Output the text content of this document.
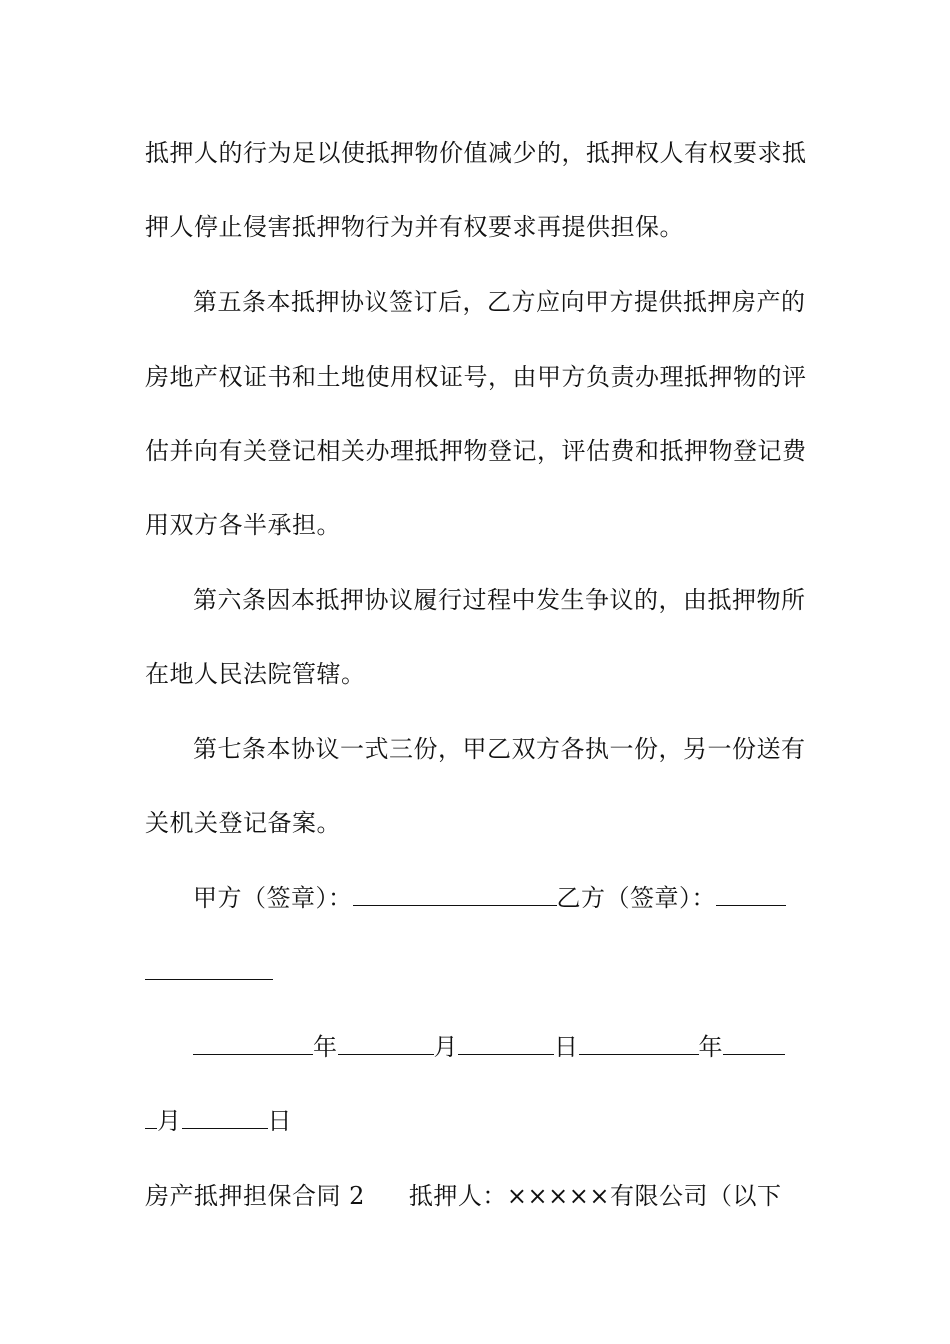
抵押人的行为足以使抵押物价值减少的，抵押权人有权要求抵
押人停止侵害抵押物行为并有权要求再提供担保。
第五条本抵押协议签订后，乙方应向甲方提供抵押房产的
房地产权证书和土地使用权证号，由甲方负责办理抵押物的评
估并向有关登记相关办理抵押物登记，评估费和抵押物登记费
用双方各半承担。
第六条因本抵押协议履行过程中发生争议的，由抵押物所
在地人民法院管辖。
第七条本协议一式三份，甲乙双方各执一份，另一份送有
关机关登记备案。
甲方（签章）：	乙方（签章）：
年	月	日	年
月	日
房产抵押担保合同 2 抵押人：×××××有限公司（以下
